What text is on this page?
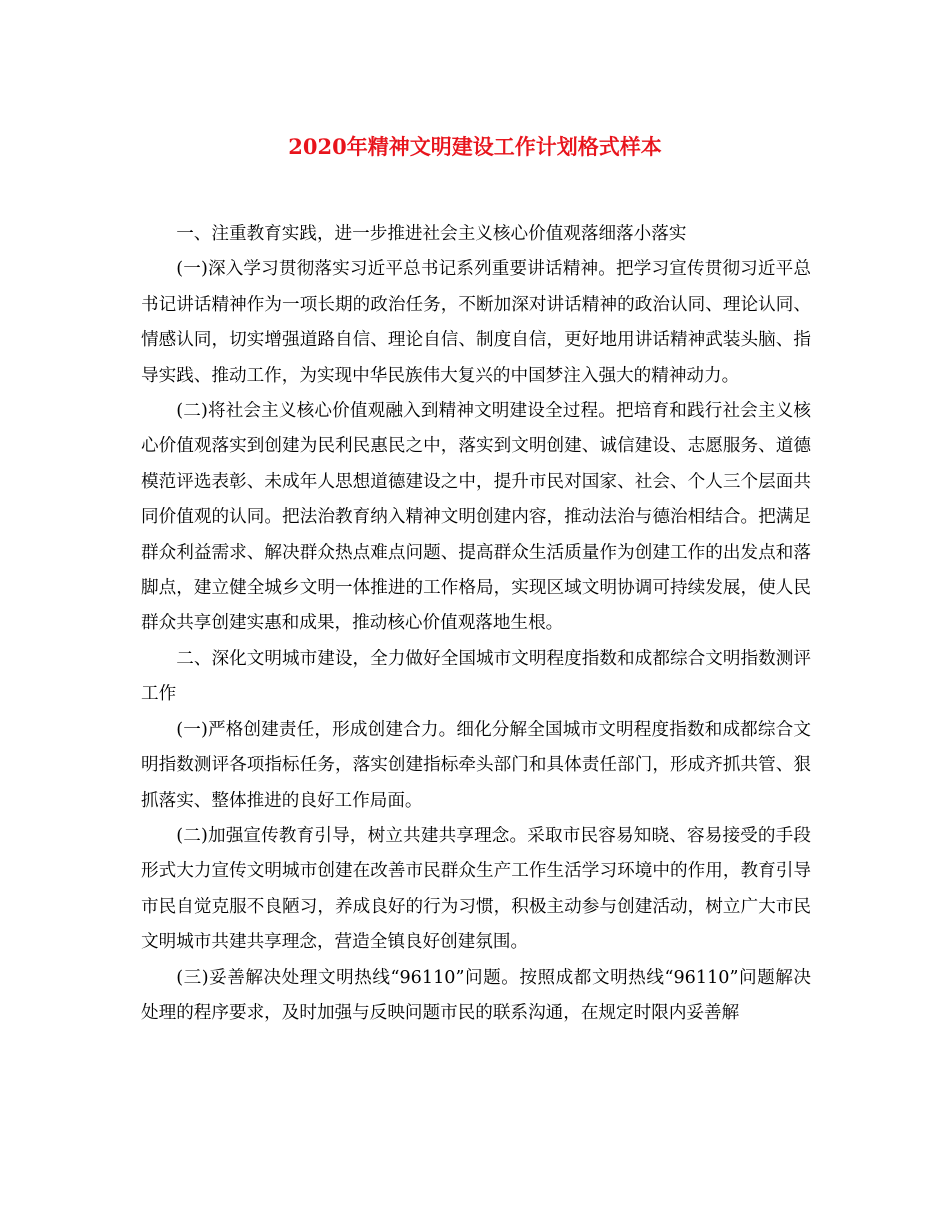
2020年精神文明建设工作计划格式样本

一、注重教育实践，进一步推进社会主义核心价值观落细落小落实

(一)深入学习贯彻落实习近平总书记系列重要讲话精神。把学习宣传贯彻习近平总书记讲话精神作为一项长期的政治任务，不断加深对讲话精神的政治认同、理论认同、情感认同，切实增强道路自信、理论自信、制度自信，更好地用讲话精神武装头脑、指导实践、推动工作，为实现中华民族伟大复兴的中国梦注入强大的精神动力。

(二)将社会主义核心价值观融入到精神文明建设全过程。把培育和践行社会主义核心价值观落实到创建为民利民惠民之中，落实到文明创建、诚信建设、志愿服务、道德模范评选表彰、未成年人思想道德建设之中，提升市民对国家、社会、个人三个层面共同价值观的认同。把法治教育纳入精神文明创建内容，推动法治与德治相结合。把满足群众利益需求、解决群众热点难点问题、提高群众生活质量作为创建工作的出发点和落脚点，建立健全城乡文明一体推进的工作格局，实现区域文明协调可持续发展，使人民群众共享创建实惠和成果，推动核心价值观落地生根。

二、深化文明城市建设，全力做好全国城市文明程度指数和成都综合文明指数测评工作

(一)严格创建责任，形成创建合力。细化分解全国城市文明程度指数和成都综合文明指数测评各项指标任务，落实创建指标牵头部门和具体责任部门，形成齐抓共管、狠抓落实、整体推进的良好工作局面。

(二)加强宣传教育引导，树立共建共享理念。采取市民容易知晓、容易接受的手段形式大力宣传文明城市创建在改善市民群众生产工作生活学习环境中的作用，教育引导市民自觉克服不良陋习，养成良好的行为习惯，积极主动参与创建活动，树立广大市民文明城市共建共享理念，营造全镇良好创建氛围。

(三)妥善解决处理文明热线“96110”问题。按照成都文明热线“96110”问题解决处理的程序要求，及时加强与反映问题市民的联系沟通，在规定时限内妥善解
